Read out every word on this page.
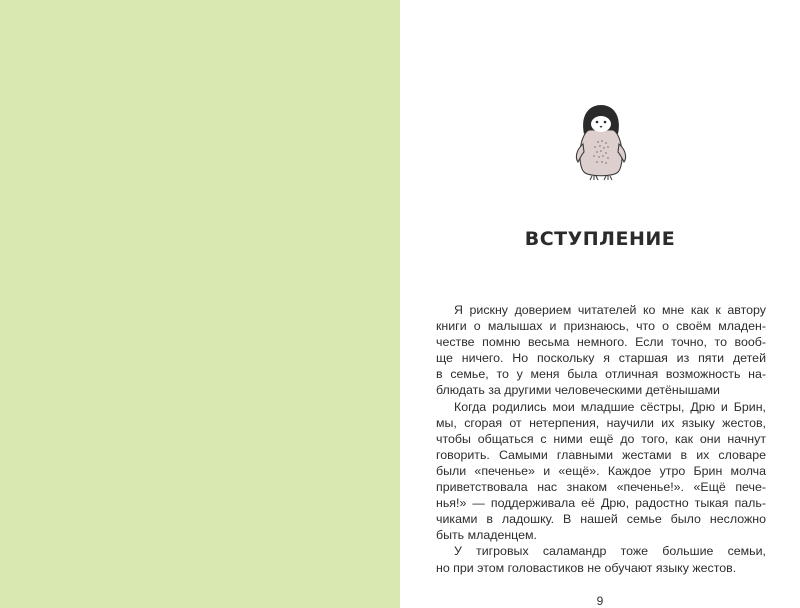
ВСТУПЛЕНИЕ
Я рискну доверием читателей ко мне как к автору
книги о малышах и признаюсь, что о своём младен-
честве помню весьма немного. Если точно, то вооб-
ще ничего. Но поскольку я старшая из пяти детей
в семье, то у меня была отличная возможность на-
блюдать за другими человеческими детёнышами
Когда родились мои младшие сёстры, Дрю и Брин,
мы, сгорая от нетерпения, научили их языку жестов,
чтобы общаться с ними ещё до того, как они начнут
говорить. Самыми главными жестами в их словаре
были «печенье» и «ещё». Каждое утро Брин молча
приветствовала нас знаком «печенье!». «Ещё пече-
нья!» — поддерживала её Дрю, радостно тыкая паль-
чиками в ладошку. В нашей семье было несложно
быть младенцем.
У тигровых саламандр тоже большие семьи,
но при этом головастиков не обучают языку жестов.
9
